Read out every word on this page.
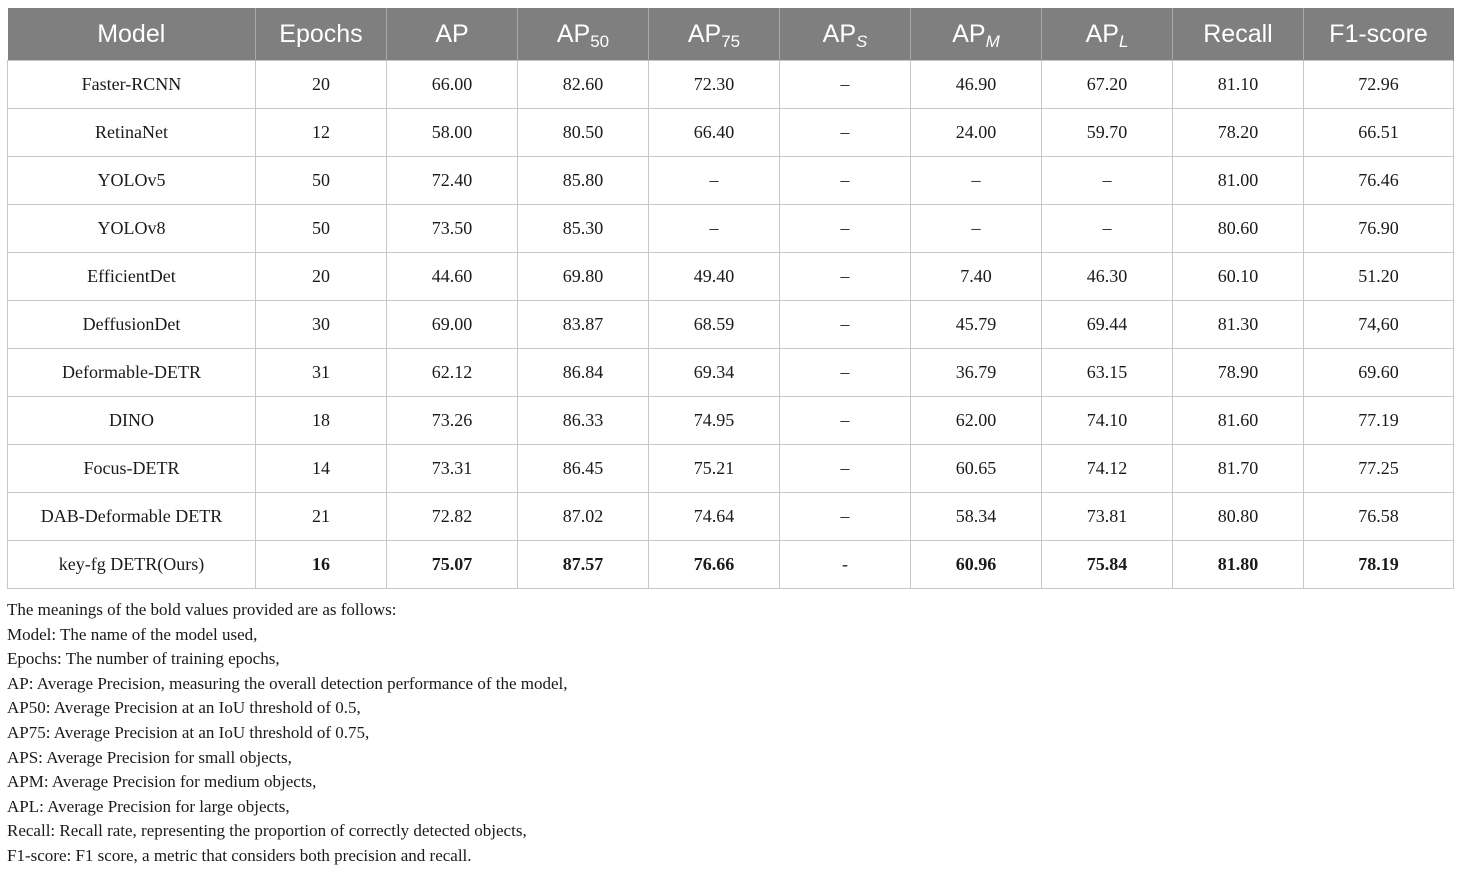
Model	Epochs	AP	$AP_{50}$	$AP_{75}$	$AP_S$	$AP_M$	$AP_L$	Recall	F1-score
Faster-RCNN	20	66.00	82.60	72.30	–	46.90	67.20	81.10	72.96
RetinaNet	12	58.00	80.50	66.40	–	24.00	59.70	78.20	66.51
YOLOv5	50	72.40	85.80	–	–	–	–	81.00	76.46
YOLOv8	50	73.50	85.30	–	–	–	–	80.60	76.90
EfficientDet	20	44.60	69.80	49.40	–	7.40	46.30	60.10	51.20
DeffusionDet	30	69.00	83.87	68.59	–	45.79	69.44	81.30	74,60
Deformable-DETR	31	62.12	86.84	69.34	–	36.79	63.15	78.90	69.60
DINO	18	73.26	86.33	74.95	–	62.00	74.10	81.60	77.19
Focus-DETR	14	73.31	86.45	75.21	–	60.65	74.12	81.70	77.25
DAB-Deformable DETR	21	72.82	87.02	74.64	–	58.34	73.81	80.80	76.58
key-fg DETR(Ours)	16	75.07	87.57	76.66	-	60.96	75.84	81.80	78.19
The meanings of the bold values provided are as follows:
Model: The name of the model used,
Epochs: The number of training epochs,
AP: Average Precision, measuring the overall detection performance of the model,
AP50: Average Precision at an IoU threshold of 0.5,
AP75: Average Precision at an IoU threshold of 0.75,
APS: Average Precision for small objects,
APM: Average Precision for medium objects,
APL: Average Precision for large objects,
Recall: Recall rate, representing the proportion of correctly detected objects,
F1-score: F1 score, a metric that considers both precision and recall.
